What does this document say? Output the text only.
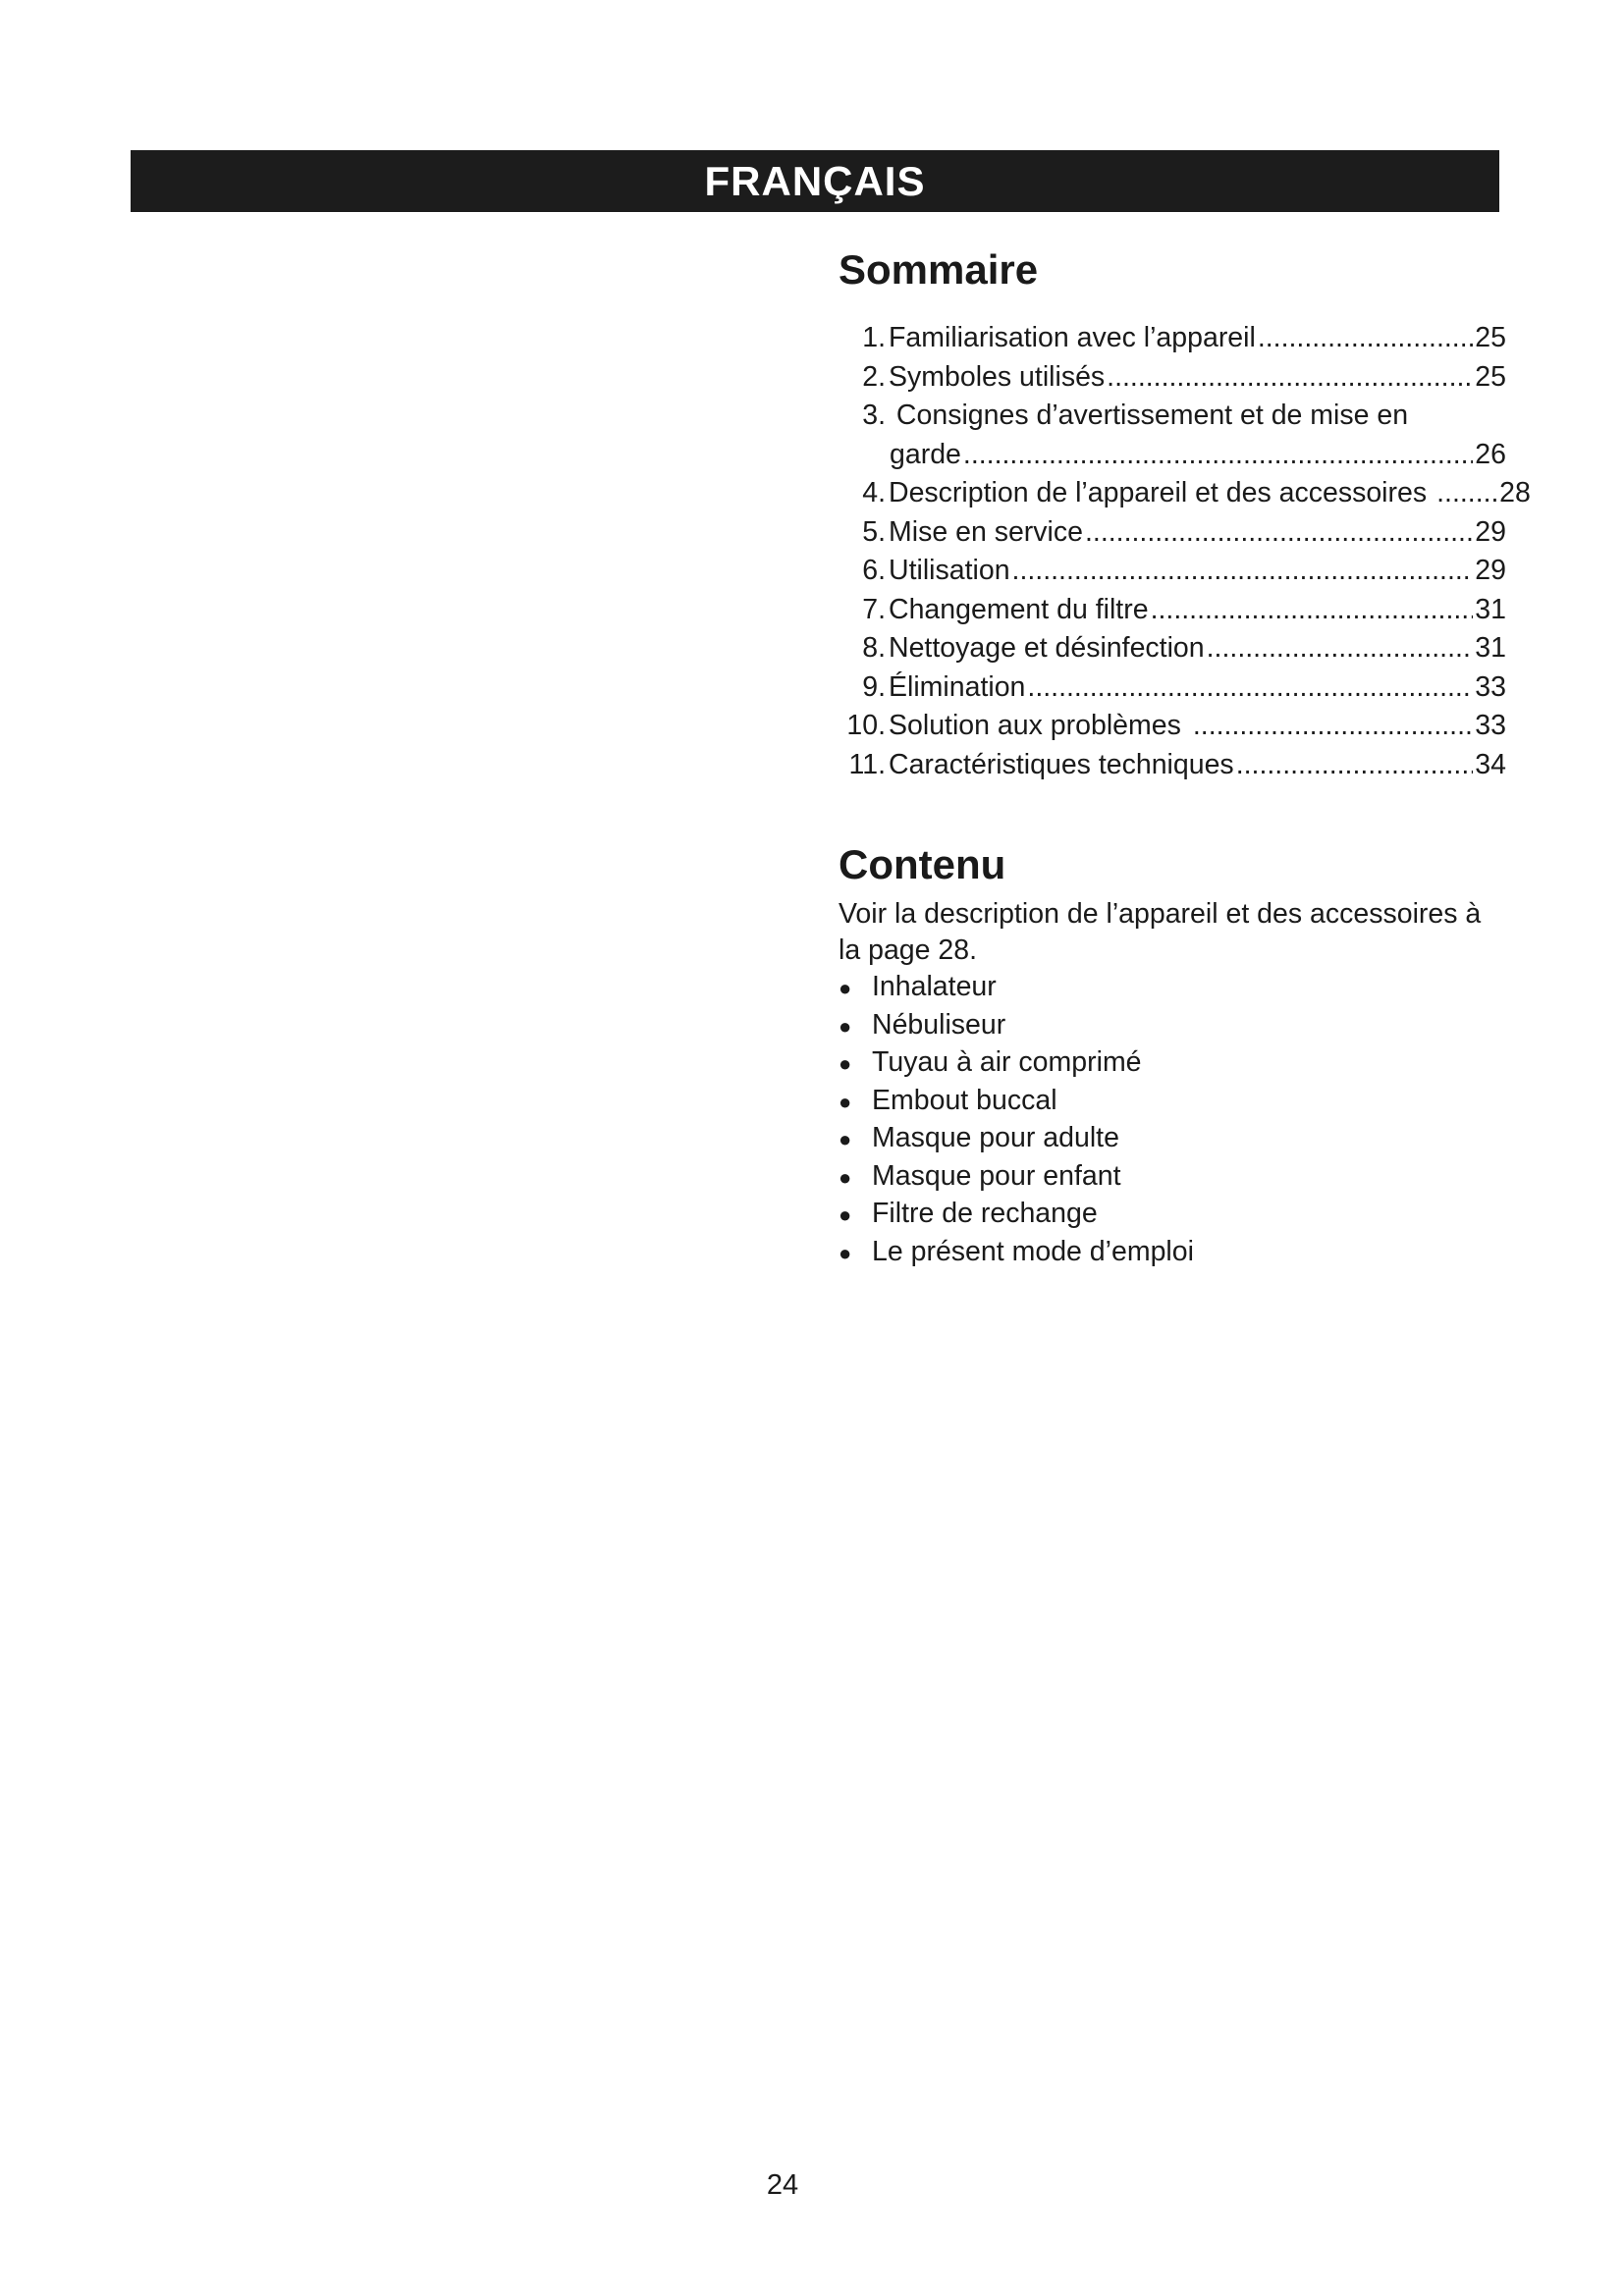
FRANÇAIS
Sommaire
1. Familiarisation avec l’appareil .....	25
2. Symboles utilisés .....	25
3. Consignes d’avertissement et de mise en
garde .....	26
4. Description de l’appareil et des accessoires .....	28
5. Mise en service .....	29
6. Utilisation .....	29
7. Changement du filtre .....	31
8. Nettoyage et désinfection .....	31
9. Élimination .....	33
10. Solution aux problèmes .....	33
11. Caractéristiques techniques .....	34
Contenu

Voir la description de l’appareil et des accessoires à la page 28.

● Inhalateur
● Nébuliseur
● Tuyau à air comprimé
● Embout buccal
● Masque pour adulte
● Masque pour enfant
● Filtre de rechange
● Le présent mode d’emploi
24
